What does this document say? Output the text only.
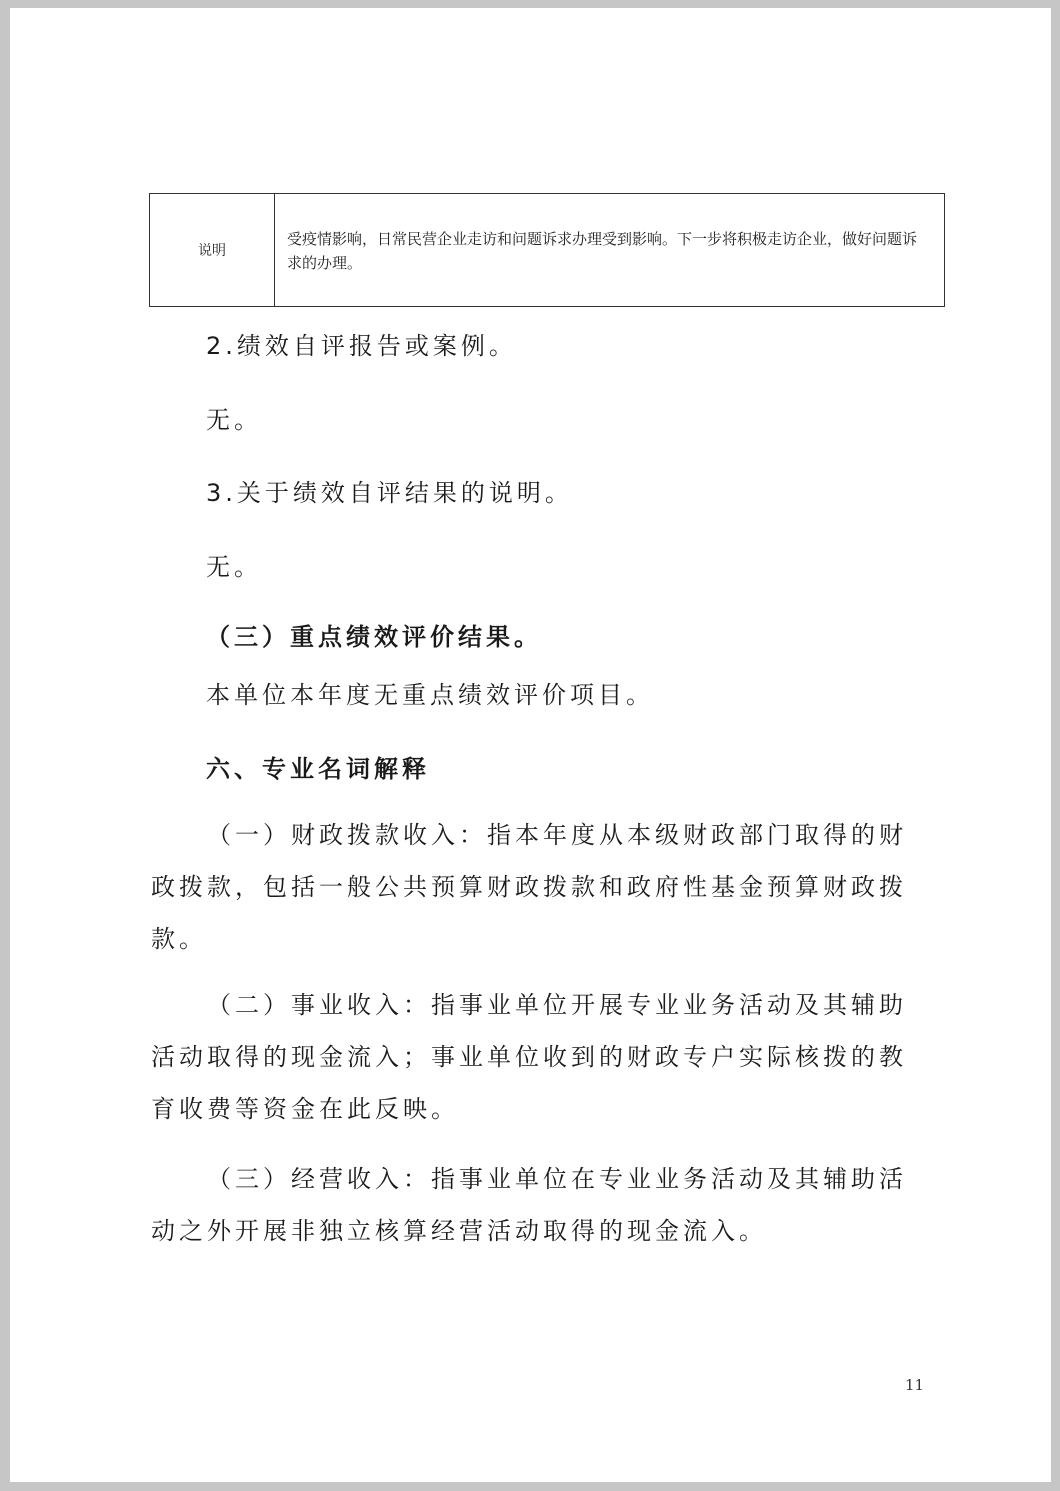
说明
受疫情影响，日常民营企业走访和问题诉求办理受到影响。下一步将积极走访企业，做好问题诉求的办理。

2.绩效自评报告或案例。

无。

3.关于绩效自评结果的说明。

无。

（三）重点绩效评价结果。

本单位本年度无重点绩效评价项目。

六、专业名词解释

（一）财政拨款收入：指本年度从本级财政部门取得的财政拨款，包括一般公共预算财政拨款和政府性基金预算财政拨款。

（二）事业收入：指事业单位开展专业业务活动及其辅助活动取得的现金流入；事业单位收到的财政专户实际核拨的教育收费等资金在此反映。

（三）经营收入：指事业单位在专业业务活动及其辅助活动之外开展非独立核算经营活动取得的现金流入。

11
